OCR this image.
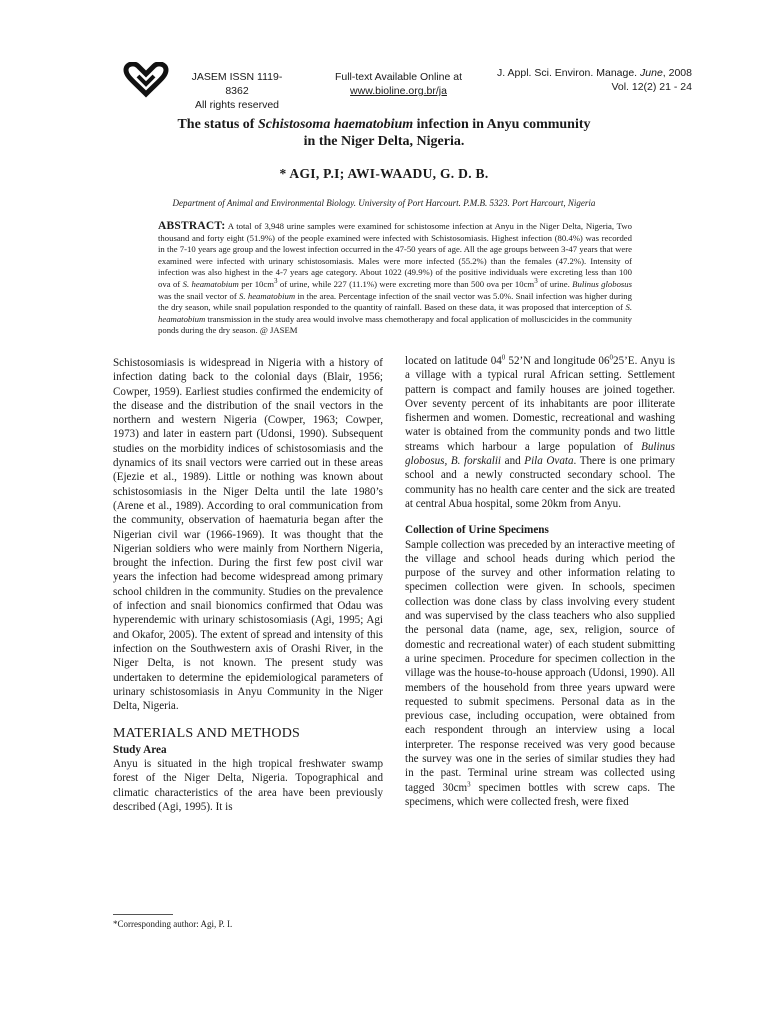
JASEM ISSN 1119-8362
All rights reserved
Full-text Available Online at
www.bioline.org.br/ja
J. Appl. Sci. Environ. Manage. June, 2008
Vol. 12(2) 21 - 24
The status of Schistosoma haematobium infection in Anyu community
in the Niger Delta, Nigeria.
* AGI, P.I; AWI-WAADU, G. D. B.
Department of Animal and Environmental Biology. University of Port Harcourt. P.M.B. 5323. Port Harcourt, Nigeria
ABSTRACT: A total of 3,948 urine samples were examined for schistosome infection at Anyu in the Niger Delta, Nigeria, Two thousand and forty eight (51.9%) of the people examined were infected with Schistosomiasis. Highest infection (80.4%) was recorded in the 7-10 years age group and the lowest infection occurred in the 47-50 years of age. All the age groups between 3-47 years that were examined were infected with urinary schistosomiasis. Males were more infected (55.2%) than the females (47.2%). Intensity of infection was also highest in the 4-7 years age category. About 1022 (49.9%) of the positive individuals were excreting less than 100 ova of S. heamatobium per $10cm^3$ of urine, while 227 (11.1%) were excreting more than 500 ova per $10cm^3$ of urine. Bulinus globosus was the snail vector of S. heamatobium in the area. Percentage infection of the snail vector was 5.0%. Snail infection was higher during the dry season, while snail population responded to the quantity of rainfall. Based on these data, it was proposed that interception of S. heamatobium transmission in the study area would involve mass chemotherapy and focal application of molluscicides in the community ponds during the dry season. @ JASEM

Schistosomiasis is widespread in Nigeria with a history of infection dating back to the colonial days (Blair, 1956; Cowper, 1959). Earliest studies confirmed the endemicity of the disease and the distribution of the snail vectors in the northern and western Nigeria (Cowper, 1963; Cowper, 1973) and later in eastern part (Udonsi, 1990). Subsequent studies on the morbidity indices of schistosomiasis and the dynamics of its snail vectors were carried out in these areas (Ejezie et al., 1989). Little or nothing was known about schistosomiasis in the Niger Delta until the late 1980’s (Arene et al., 1989). According to oral communication from the community, observation of haematuria began after the Nigerian civil war (1966-1969). It was thought that the Nigerian soldiers who were mainly from Northern Nigeria, brought the infection. During the first few post civil war years the infection had become widespread among primary school children in the community. Studies on the prevalence of infection and snail bionomics confirmed that Odau was hyperendemic with urinary schistosomiasis (Agi, 1995; Agi and Okafor, 2005). The extent of spread and intensity of this infection on the Southwestern axis of Orashi River, in the Niger Delta, is not known. The present study was undertaken to determine the epidemiological parameters of urinary schistosomiasis in Anyu Community in the Niger Delta, Nigeria.

MATERIALS AND METHODS
Study Area

Anyu is situated in the high tropical freshwater swamp forest of the Niger Delta, Nigeria. Topographical and climatic characteristics of the area have been previously described (Agi, 1995). It is

located on latitude $04^0$ 52’N and longitude $06^025’E$. Anyu is a village with a typical rural African setting. Settlement pattern is compact and family houses are joined together. Over seventy percent of its inhabitants are poor illiterate fishermen and women. Domestic, recreational and washing water is obtained from the community ponds and two little streams which harbour a large population of Bulinus globosus, B. forskalii and Pila Ovata. There is one primary school and a newly constructed secondary school. The community has no health care center and the sick are treated at central Abua hospital, some 20km from Anyu.

Collection of Urine Specimens

Sample collection was preceded by an interactive meeting of the village and school heads during which period the purpose of the survey and other information relating to specimen collection were given. In schools, specimen collection was done class by class involving every student and was supervised by the class teachers who also supplied the personal data (name, age, sex, religion, source of domestic and recreational water) of each student submitting a urine specimen. Procedure for specimen collection in the village was the house-to-house approach (Udonsi, 1990). All members of the household from three years upward were requested to submit specimens. Personal data as in the previous case, including occupation, were obtained from each respondent through an interview using a local interpreter. The response received was very good because the survey was one in the series of similar studies they had in the past. Terminal urine stream was collected using tagged $30cm^3$ specimen bottles with screw caps. The specimens, which were collected fresh, were fixed

*Corresponding author: Agi, P. I.
